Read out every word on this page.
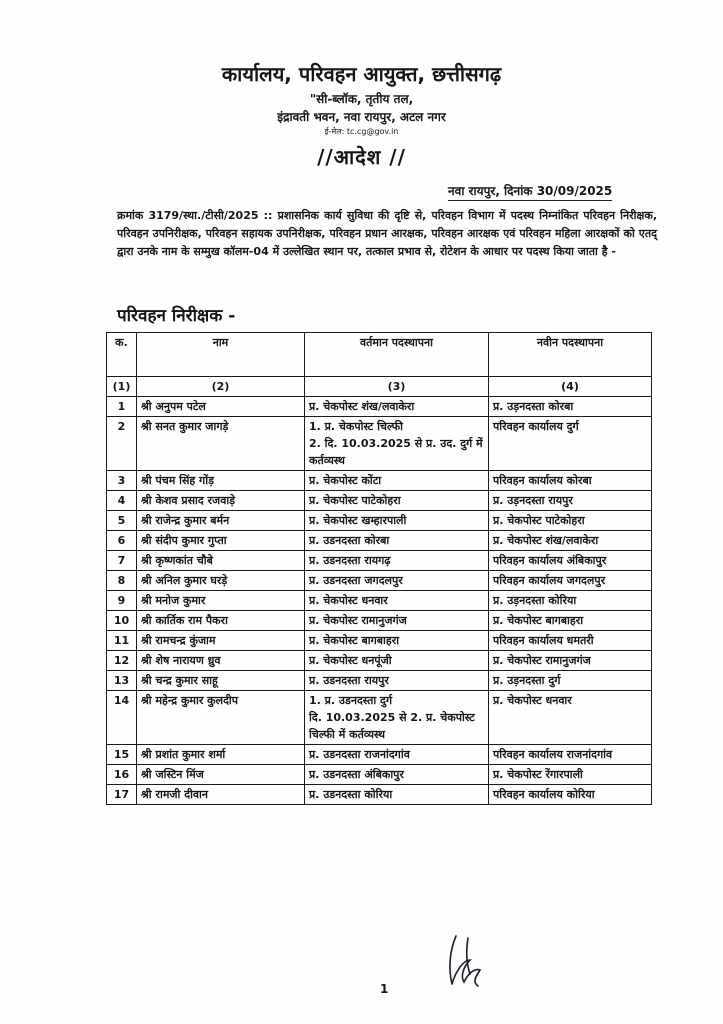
कार्यालय, परिवहन आयुक्त, छत्तीसगढ़
"सी-ब्लॉक, तृतीय तल,
इंद्रावती भवन, नवा रायपुर, अटल नगर
ई-मेल: tc.cg@gov.in
//आदेश //
नवा रायपुर, दिनांक 30/09/2025
क्रमांक 3179/स्था./टीसी/2025 :: प्रशासनिक कार्य सुविधा की दृष्टि से, परिवहन विभाग में पदस्थ निम्नांकित परिवहन निरीक्षक, परिवहन उपनिरीक्षक, परिवहन सहायक उपनिरीक्षक, परिवहन प्रधान आरक्षक, परिवहन आरक्षक एवं परिवहन महिला आरक्षकों को एतद् द्वारा उनके नाम के सम्मुख कॉलम-04 में उल्लेखित स्थान पर, तत्काल प्रभाव से, रोटेशन के आधार पर पदस्थ किया जाता है -
परिवहन निरीक्षक -
क.	नाम	वर्तमान पदस्थापना	नवीन पदस्थापना
(1)	(2)	(3)	(4)
1	श्री अनुपम पटेल	प्र. चेकपोस्ट शंख/लवाकेरा	प्र. उड़नदस्ता कोरबा
2	श्री सनत कुमार जागड़े	1. प्र. चेकपोस्ट चिल्फी
2. दि. 10.03.2025 से प्र. उद. दुर्ग में कर्तव्यस्थ	परिवहन कार्यालय दुर्ग
3	श्री पंचम सिंह गोंड़	प्र. चेकपोस्ट कोंटा	परिवहन कार्यालय कोरबा
4	श्री केशव प्रसाद रजवाड़े	प्र. चेकपोस्ट पाटेकोहरा	प्र. उड़नदस्ता रायपुर
5	श्री राजेन्द्र कुमार बर्मन	प्र. चेकपोस्ट खम्हारपाली	प्र. चेकपोस्ट पाटेकोहरा
6	श्री संदीप कुमार गुप्ता	प्र. उडनदस्ता कोरबा	प्र. चेकपोस्ट शंख/लवाकेरा
7	श्री कृष्णकांत चौबे	प्र. उडनदस्ता रायगढ़	परिवहन कार्यालय अंबिकापुर
8	श्री अनिल कुमार घरड़े	प्र. उडनदस्ता जगदलपुर	परिवहन कार्यालय जगदलपुर
9	श्री मनोज कुमार	प्र. चेकपोस्ट धनवार	प्र. उड़नदस्ता कोरिया
10	श्री कार्तिक राम पैकरा	प्र. चेकपोस्ट रामानुजगंज	प्र. चेकपोस्ट बागबाहरा
11	श्री रामचन्द्र कुंजाम	प्र. चेकपोस्ट बागबाहरा	परिवहन कार्यालय धमतरी
12	श्री शेष नारायण ध्रुव	प्र. चेकपोस्ट धनपूंजी	प्र. चेकपोस्ट रामानुजगंज
13	श्री चन्द्र कुमार साहू	प्र. उडनदस्ता रायपुर	प्र. उड़नदस्ता दुर्ग
14	श्री महेन्द्र कुमार कुलदीप	1. प्र. उडनदस्ता दुर्ग
दि. 10.03.2025 से 2. प्र. चेकपोस्ट चिल्फी में कर्तव्यस्थ	प्र. चेकपोस्ट धनवार
15	श्री प्रशांत कुमार शर्मा	प्र. उडनदस्ता राजनांदगांव	परिवहन कार्यालय राजनांदगांव
16	श्री जस्टिन मिंज	प्र. उडनदस्ता अंबिकापुर	प्र. चेकपोस्ट रेंगारपाली
17	श्री रामजी दीवान	प्र. उडनदस्ता कोरिया	परिवहन कार्यालय कोरिया
1
